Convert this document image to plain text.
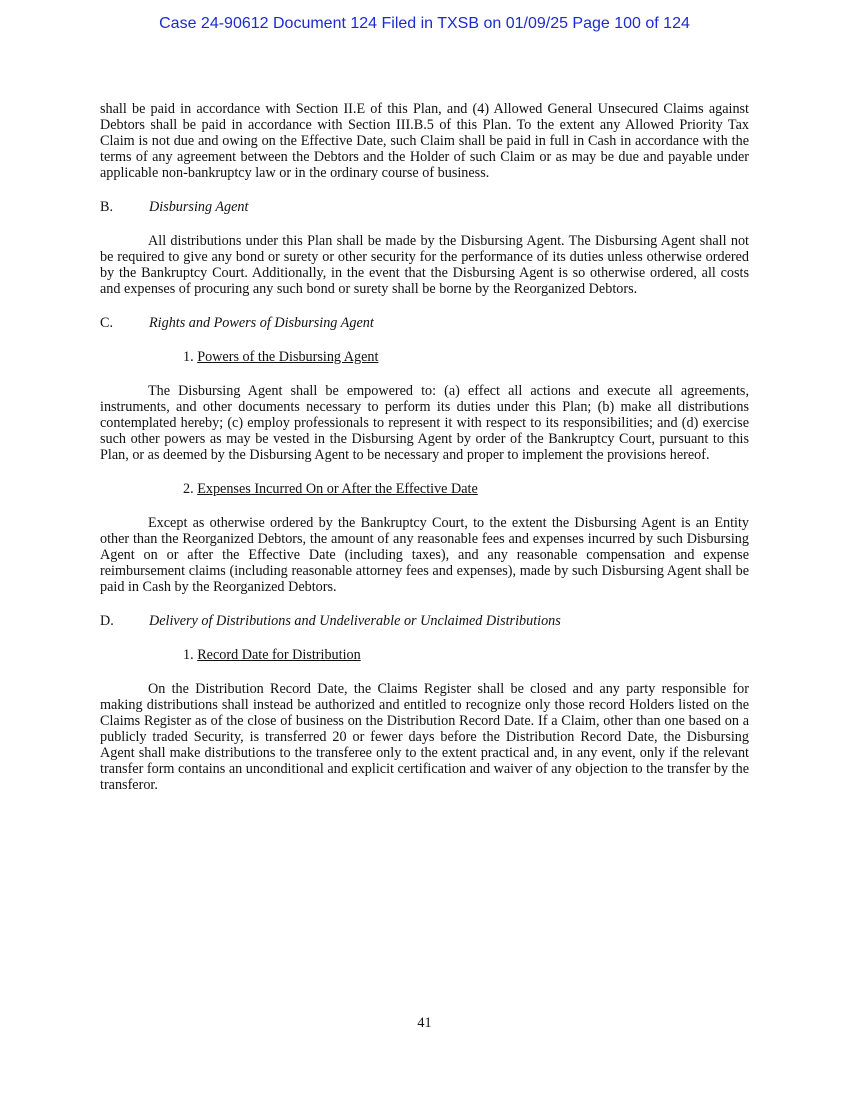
Case 24-90612 Document 124 Filed in TXSB on 01/09/25 Page 100 of 124

shall be paid in accordance with Section II.E of this Plan, and (4) Allowed General Unsecured Claims against Debtors shall be paid in accordance with Section III.B.5 of this Plan. To the extent any Allowed Priority Tax Claim is not due and owing on the Effective Date, such Claim shall be paid in full in Cash in accordance with the terms of any agreement between the Debtors and the Holder of such Claim or as may be due and payable under applicable non-bankruptcy law or in the ordinary course of business.

B.	Disbursing Agent

All distributions under this Plan shall be made by the Disbursing Agent. The Disbursing Agent shall not be required to give any bond or surety or other security for the performance of its duties unless otherwise ordered by the Bankruptcy Court. Additionally, in the event that the Disbursing Agent is so otherwise ordered, all costs and expenses of procuring any such bond or surety shall be borne by the Reorganized Debtors.

C.	Rights and Powers of Disbursing Agent
1. Powers of the Disbursing Agent

The Disbursing Agent shall be empowered to: (a) effect all actions and execute all agreements, instruments, and other documents necessary to perform its duties under this Plan; (b) make all distributions contemplated hereby; (c) employ professionals to represent it with respect to its responsibilities; and (d) exercise such other powers as may be vested in the Disbursing Agent by order of the Bankruptcy Court, pursuant to this Plan, or as deemed by the Disbursing Agent to be necessary and proper to implement the provisions hereof.

2. Expenses Incurred On or After the Effective Date

Except as otherwise ordered by the Bankruptcy Court, to the extent the Disbursing Agent is an Entity other than the Reorganized Debtors, the amount of any reasonable fees and expenses incurred by such Disbursing Agent on or after the Effective Date (including taxes), and any reasonable compensation and expense reimbursement claims (including reasonable attorney fees and expenses), made by such Disbursing Agent shall be paid in Cash by the Reorganized Debtors.

D.	Delivery of Distributions and Undeliverable or Unclaimed Distributions
1. Record Date for Distribution

On the Distribution Record Date, the Claims Register shall be closed and any party responsible for making distributions shall instead be authorized and entitled to recognize only those record Holders listed on the Claims Register as of the close of business on the Distribution Record Date. If a Claim, other than one based on a publicly traded Security, is transferred 20 or fewer days before the Distribution Record Date, the Disbursing Agent shall make distributions to the transferee only to the extent practical and, in any event, only if the relevant transfer form contains an unconditional and explicit certification and waiver of any objection to the transfer by the transferor.

41
